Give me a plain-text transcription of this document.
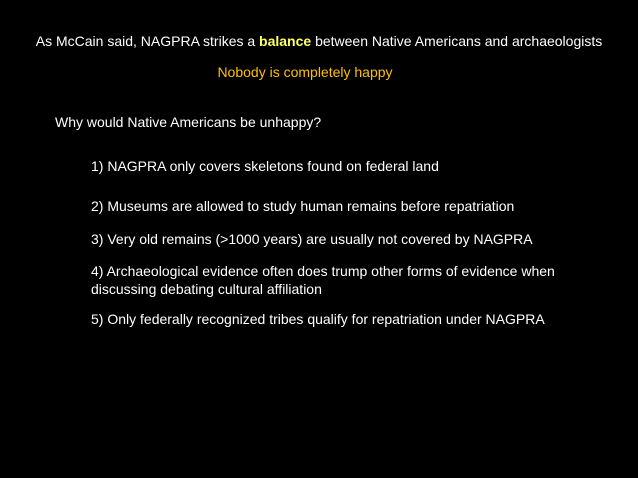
As McCain said, NAGPRA strikes a balance between Native Americans and archaeologists
Nobody is completely happy
Why would Native Americans be unhappy?
1) NAGPRA only covers skeletons found on federal land
2) Museums are allowed to study human remains before repatriation
3) Very old remains (>1000 years) are usually not covered by NAGPRA
4) Archaeological evidence often does trump other forms of evidence when discussing debating cultural affiliation
5) Only federally recognized tribes qualify for repatriation under NAGPRA
